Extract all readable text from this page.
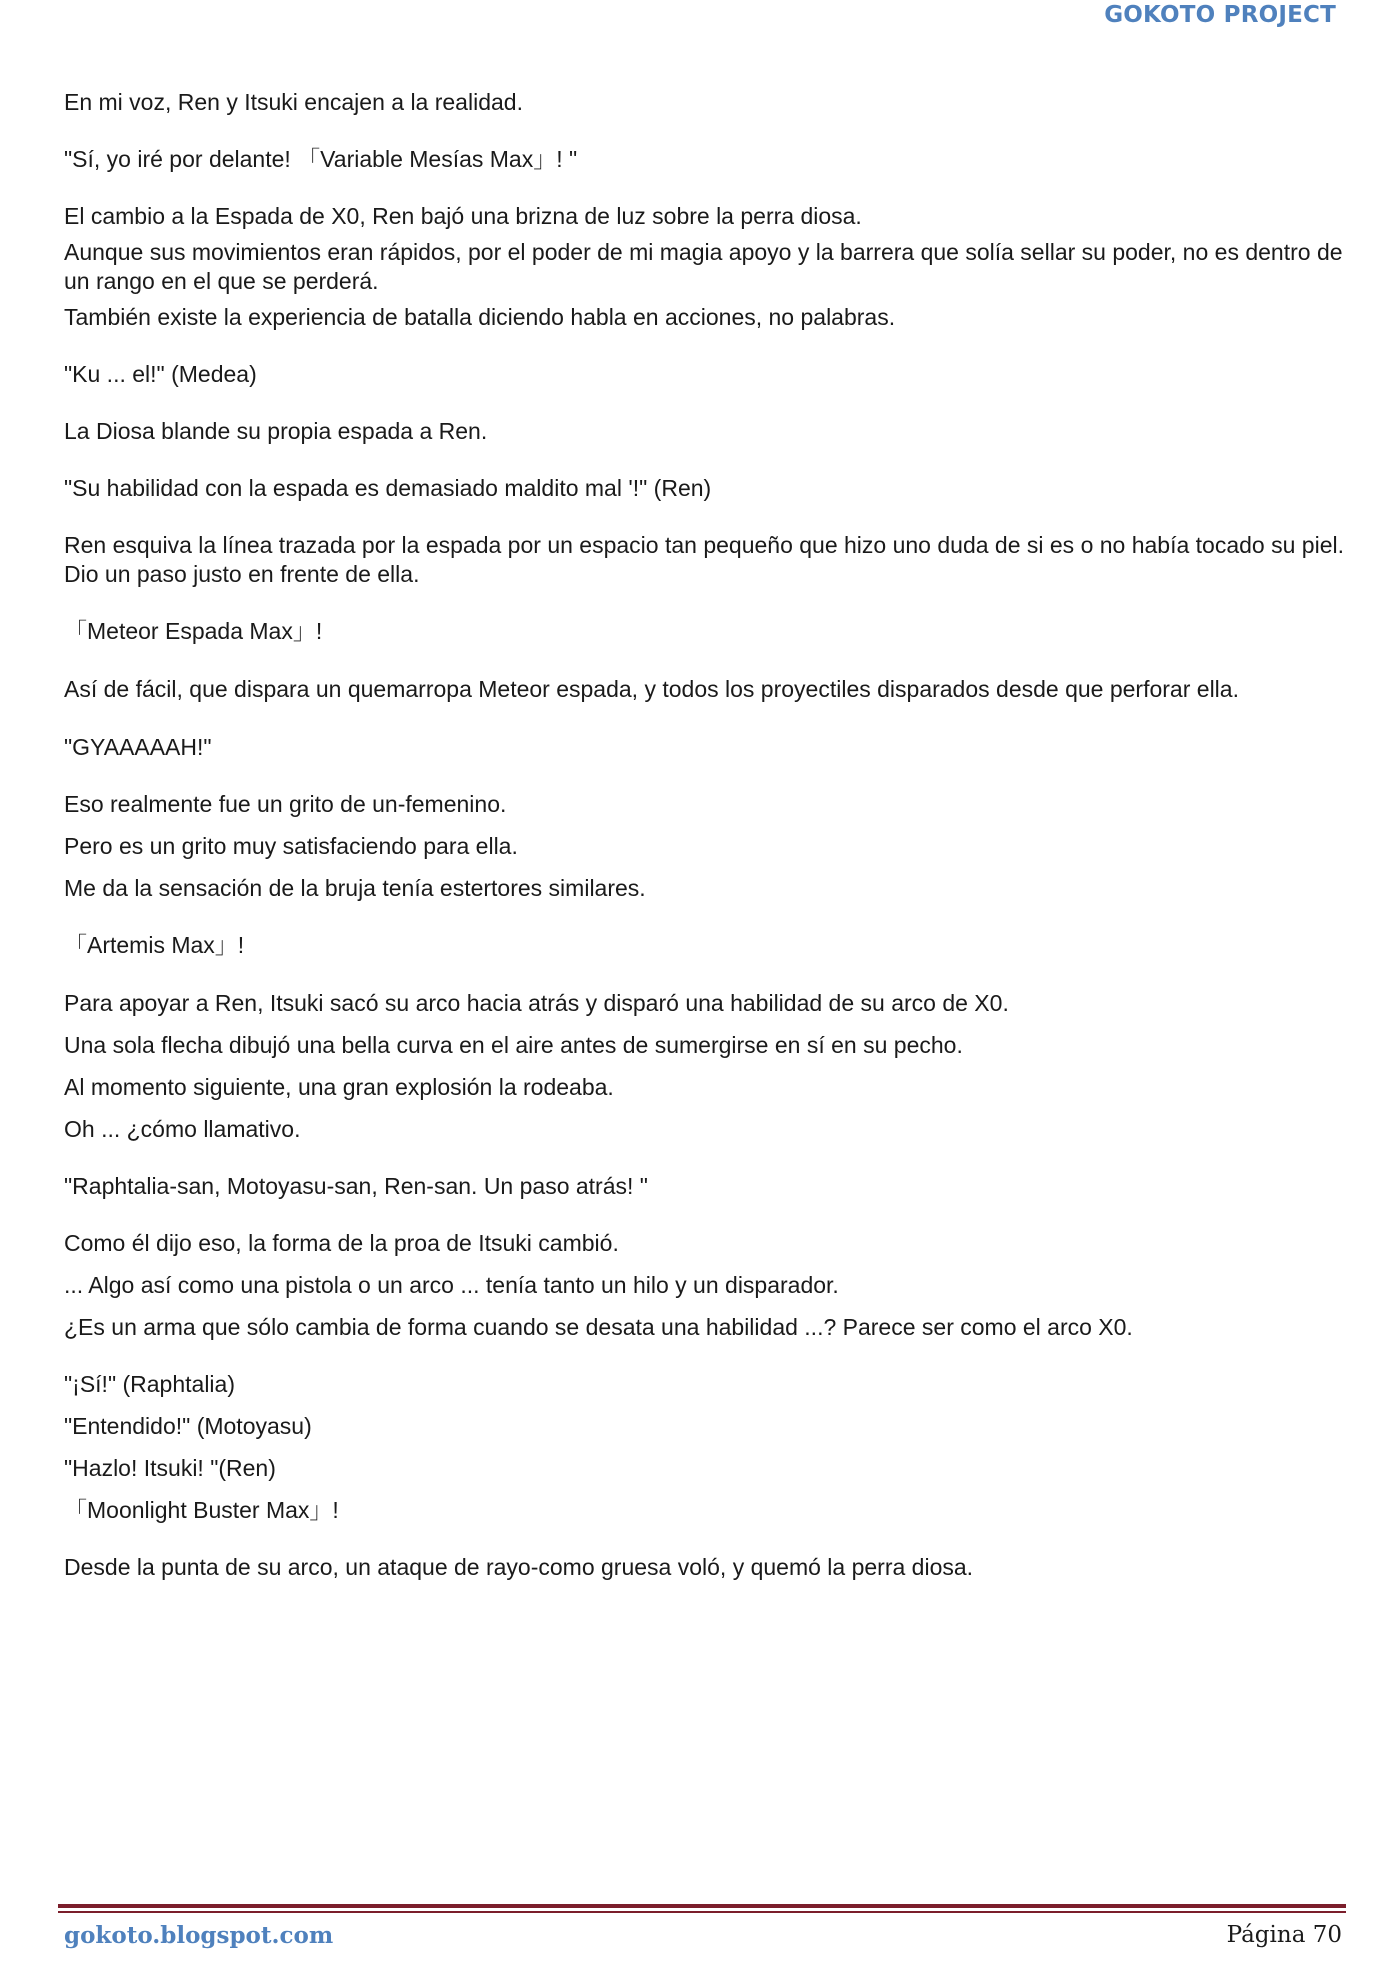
GOKOTO PROJECT

En mi voz, Ren y Itsuki encajen a la realidad.

"Sí, yo iré por delante! 「Variable Mesías Max」! "

El cambio a la Espada de X0, Ren bajó una brizna de luz sobre la perra diosa.

Aunque sus movimientos eran rápidos, por el poder de mi magia apoyo y la barrera que solía sellar su poder, no es dentro de un rango en el que se perderá.

También existe la experiencia de batalla diciendo habla en acciones, no palabras.

"Ku ... el!" (Medea)

La Diosa blande su propia espada a Ren.

"Su habilidad con la espada es demasiado maldito mal '!" (Ren)

Ren esquiva la línea trazada por la espada por un espacio tan pequeño que hizo uno duda de si es o no había tocado su piel. Dio un paso justo en frente de ella.

「Meteor Espada Max」!

Así de fácil, que dispara un quemarropa Meteor espada, y todos los proyectiles disparados desde que perforar ella.

"GYAAAAAH!"

Eso realmente fue un grito de un-femenino.

Pero es un grito muy satisfaciendo para ella.

Me da la sensación de la bruja tenía estertores similares.

「Artemis Max」!

Para apoyar a Ren, Itsuki sacó su arco hacia atrás y disparó una habilidad de su arco de X0.

Una sola flecha dibujó una bella curva en el aire antes de sumergirse en sí en su pecho.

Al momento siguiente, una gran explosión la rodeaba.

Oh ... ¿cómo llamativo.

"Raphtalia-san, Motoyasu-san, Ren-san. Un paso atrás! "

Como él dijo eso, la forma de la proa de Itsuki cambió.

... Algo así como una pistola o un arco ... tenía tanto un hilo y un disparador.

¿Es un arma que sólo cambia de forma cuando se desata una habilidad ...? Parece ser como el arco X0.

"¡Sí!" (Raphtalia)

"Entendido!" (Motoyasu)

"Hazlo! Itsuki! "(Ren)

「Moonlight Buster Max」!

Desde la punta de su arco, un ataque de rayo-como gruesa voló, y quemó la perra diosa.

gokoto.blogspot.com	Página 70
